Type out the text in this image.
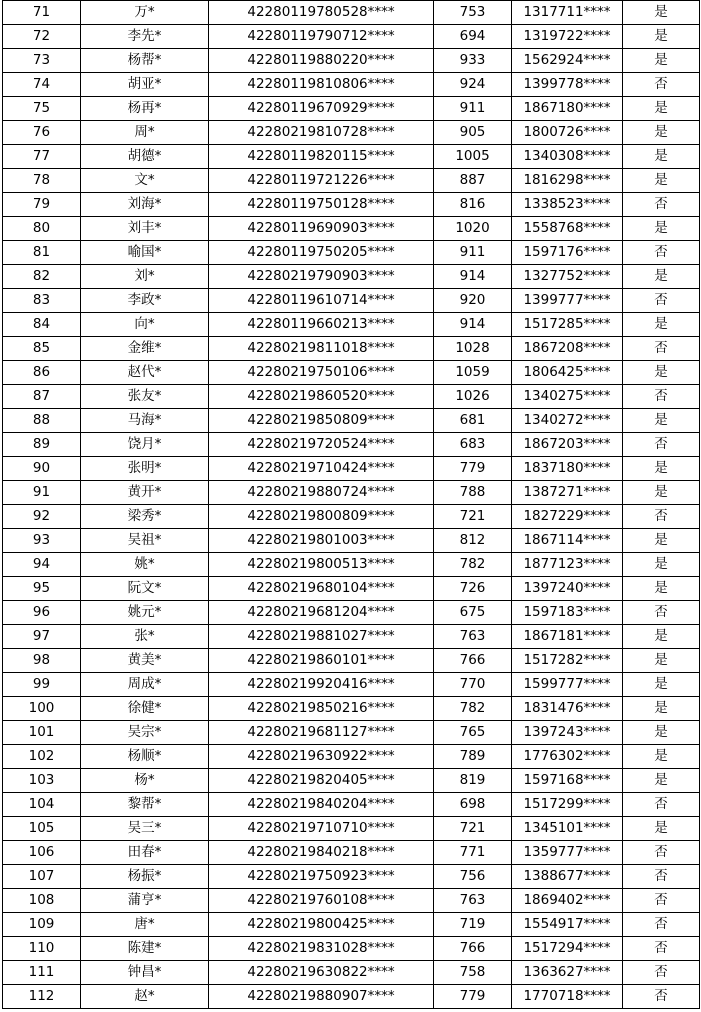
71	万*	42280119780528****	753	1317711****	是
72	李先*	42280119790712****	694	1319722****	是
73	杨帮*	42280119880220****	933	1562924****	是
74	胡亚*	42280119810806****	924	1399778****	否
75	杨再*	42280119670929****	911	1867180****	是
76	周*	42280219810728****	905	1800726****	是
77	胡德*	42280119820115****	1005	1340308****	是
78	文*	42280119721226****	887	1816298****	是
79	刘海*	42280119750128****	816	1338523****	否
80	刘丰*	42280119690903****	1020	1558768****	是
81	喻国*	42280119750205****	911	1597176****	否
82	刘*	42280219790903****	914	1327752****	是
83	李政*	42280119610714****	920	1399777****	否
84	向*	42280119660213****	914	1517285****	是
85	金维*	42280219811018****	1028	1867208****	否
86	赵代*	42280219750106****	1059	1806425****	是
87	张友*	42280219860520****	1026	1340275****	否
88	马海*	42280219850809****	681	1340272****	是
89	饶月*	42280219720524****	683	1867203****	否
90	张明*	42280219710424****	779	1837180****	是
91	黄开*	42280219880724****	788	1387271****	是
92	梁秀*	42280219800809****	721	1827229****	否
93	吴祖*	42280219801003****	812	1867114****	是
94	姚*	42280219800513****	782	1877123****	是
95	阮文*	42280219680104****	726	1397240****	是
96	姚元*	42280219681204****	675	1597183****	否
97	张*	42280219881027****	763	1867181****	是
98	黄美*	42280219860101****	766	1517282****	是
99	周成*	42280219920416****	770	1599777****	是
100	徐健*	42280219850216****	782	1831476****	是
101	吴宗*	42280219681127****	765	1397243****	是
102	杨顺*	42280219630922****	789	1776302****	是
103	杨*	42280219820405****	819	1597168****	是
104	黎帮*	42280219840204****	698	1517299****	否
105	吴三*	42280219710710****	721	1345101****	是
106	田春*	42280219840218****	771	1359777****	否
107	杨振*	42280219750923****	756	1388677****	否
108	蒲亨*	42280219760108****	763	1869402****	否
109	唐*	42280219800425****	719	1554917****	否
110	陈建*	42280219831028****	766	1517294****	否
111	钟昌*	42280219630822****	758	1363627****	否
112	赵*	42280219880907****	779	1770718****	否
